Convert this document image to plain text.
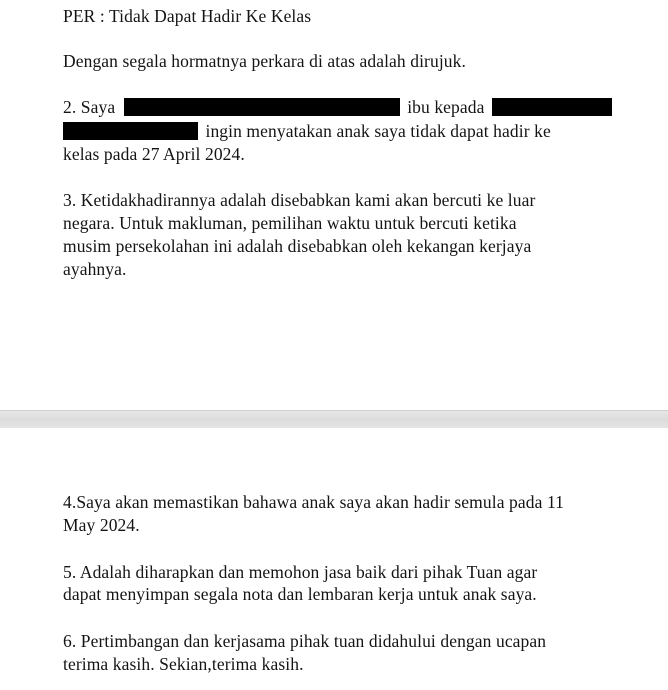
PER : Tidak Dapat Hadir Ke Kelas
Dengan segala hormatnya perkara di atas adalah dirujuk.
2. Saya	ibu kepada
ingin menyatakan anak saya tidak dapat hadir ke
kelas pada 27 April 2024.
3. Ketidakhadirannya adalah disebabkan kami akan bercuti ke luar
negara. Untuk makluman, pemilihan waktu untuk bercuti ketika
musim persekolahan ini adalah disebabkan oleh kekangan kerjaya
ayahnya.
4.Saya akan memastikan bahawa anak saya akan hadir semula pada 11
May 2024.
5. Adalah diharapkan dan memohon jasa baik dari pihak Tuan agar
dapat menyimpan segala nota dan lembaran kerja untuk anak saya.
6. Pertimbangan dan kerjasama pihak tuan didahului dengan ucapan
terima kasih. Sekian,terima kasih.
